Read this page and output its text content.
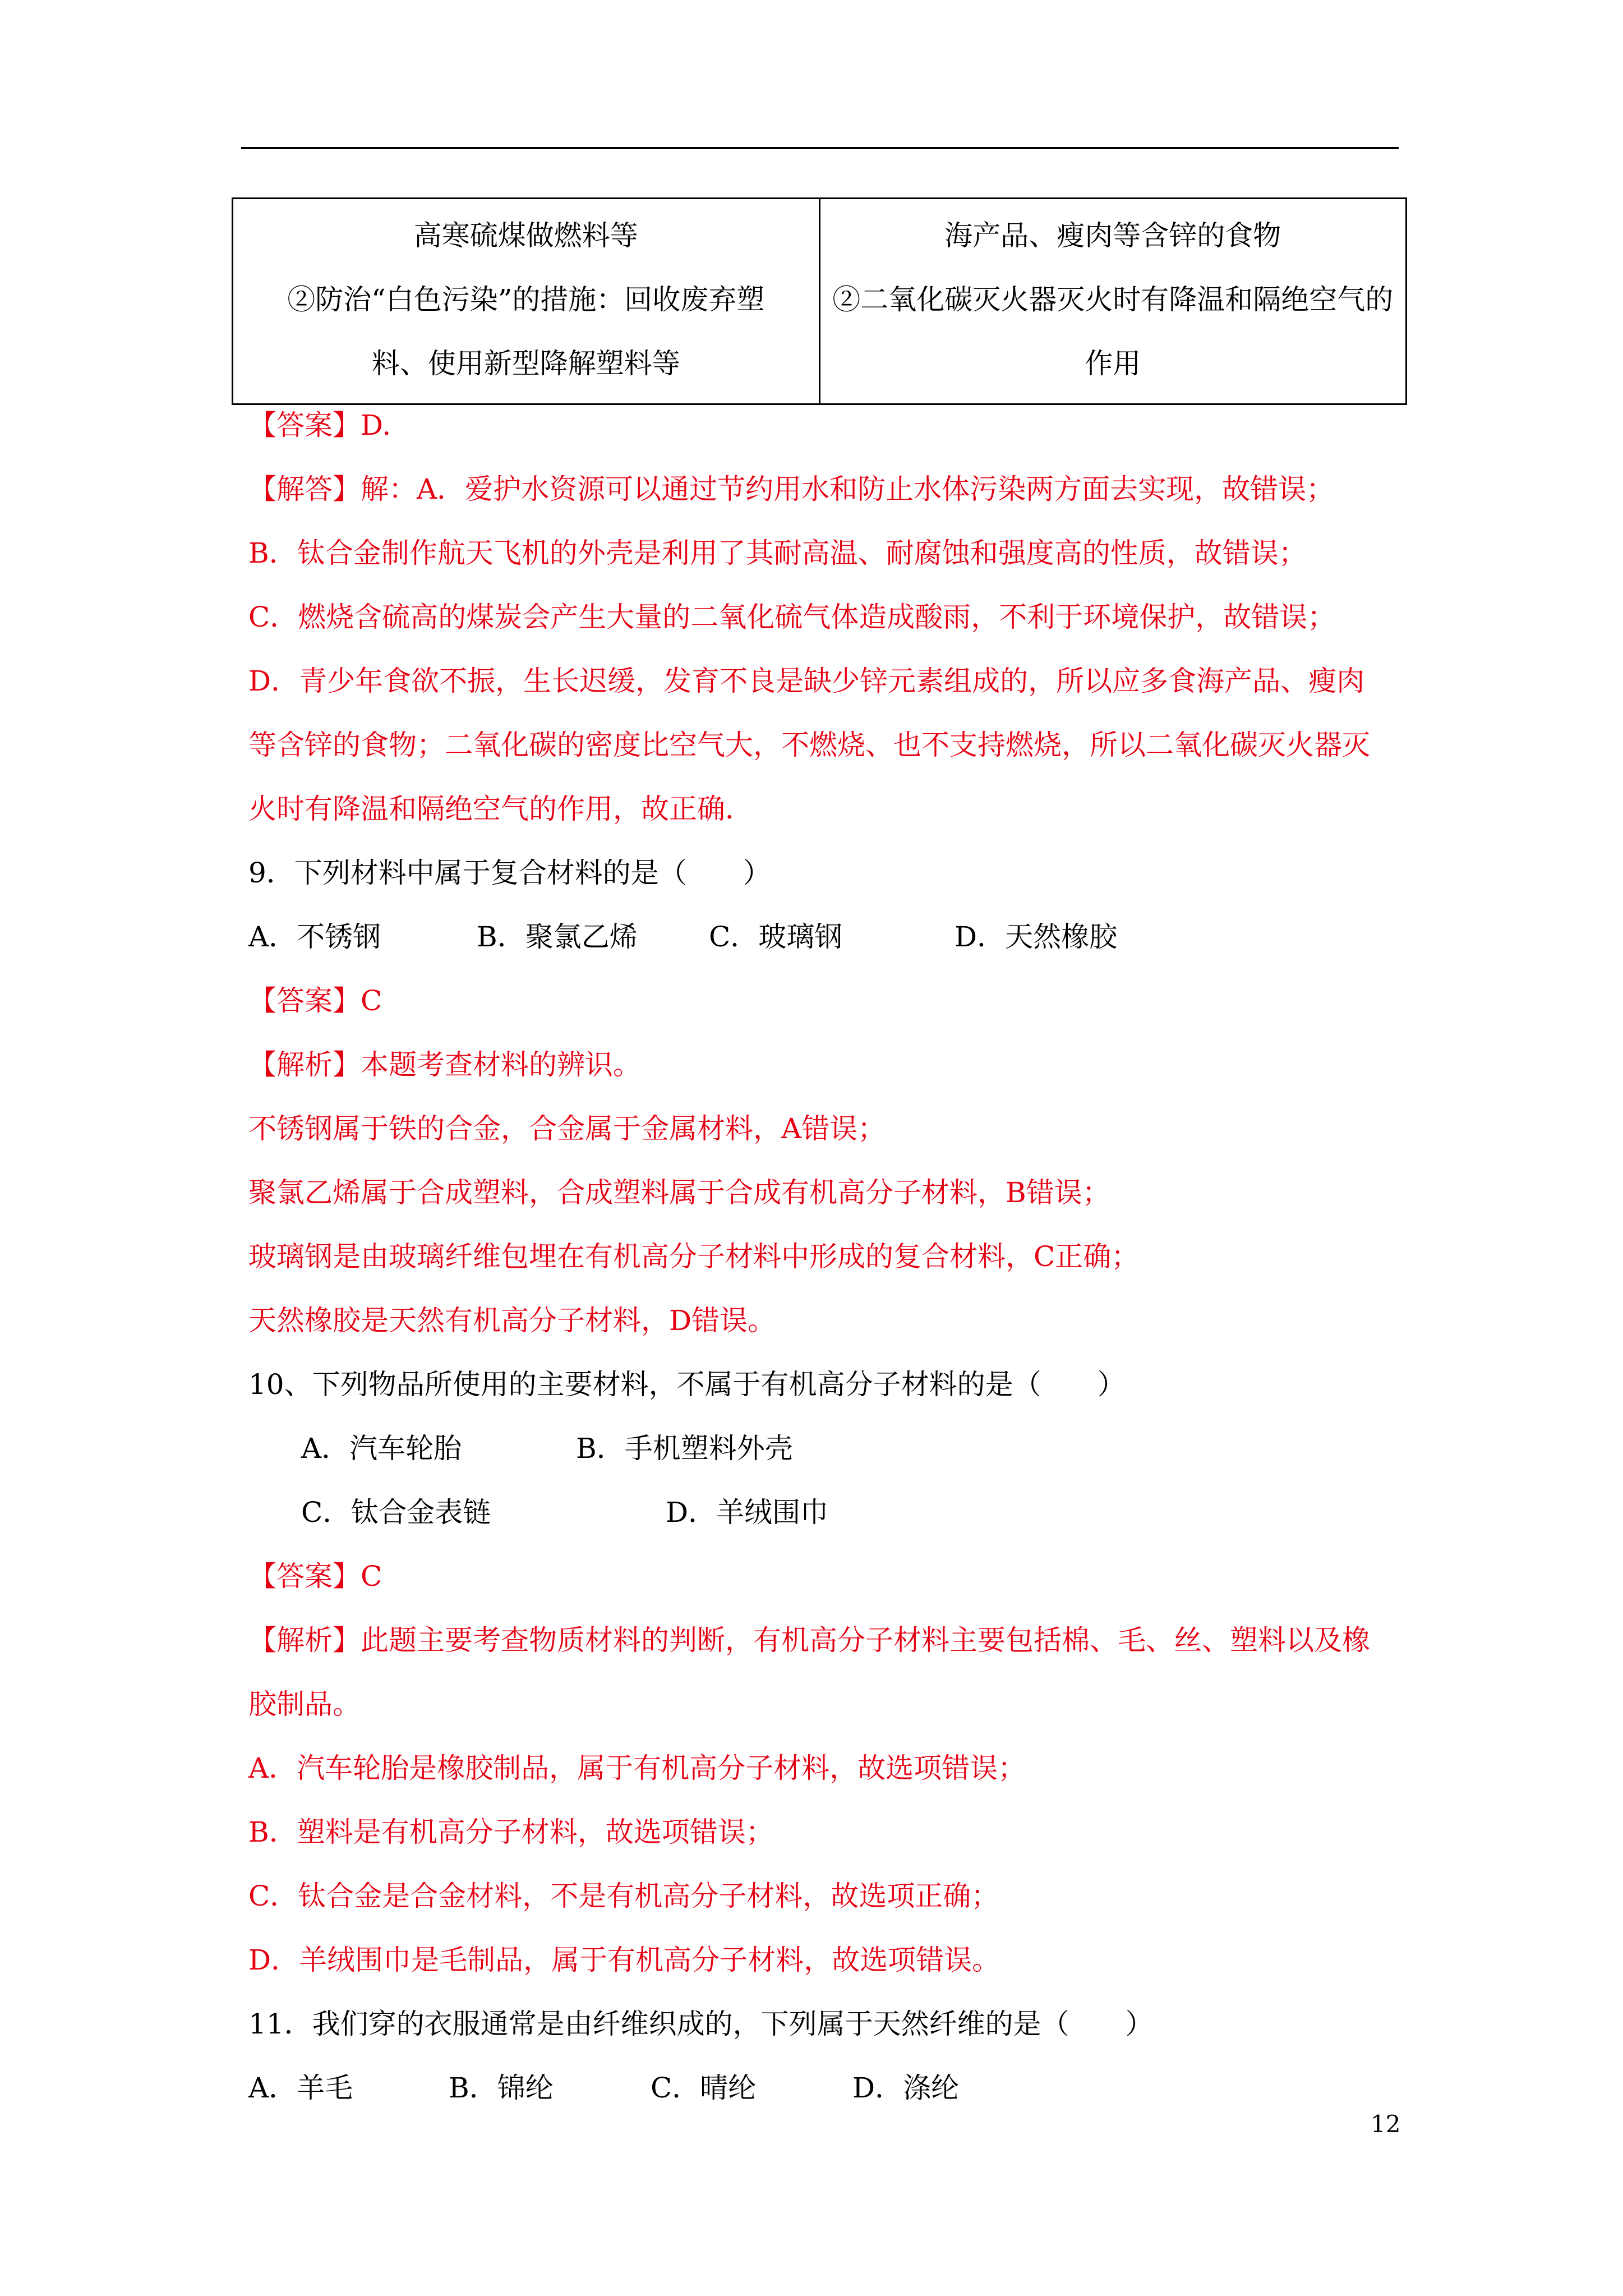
高寒硫煤做燃料等
②防治“白色污染”的措施：回收废弃塑
料、使用新型降解塑料等

海产品、瘦肉等含锌的食物
②二氧化碳灭火器灭火时有降温和隔绝空气的
作用
【答案】D.
【解答】解：A．爱护水资源可以通过节约用水和防止水体污染两方面去实现，故错误；
B．钛合金制作航天飞机的外壳是利用了其耐高温、耐腐蚀和强度高的性质，故错误；
C．燃烧含硫高的煤炭会产生大量的二氧化硫气体造成酸雨，不利于环境保护，故错误；
D．青少年食欲不振，生长迟缓，发育不良是缺少锌元素组成的，所以应多食海产品、瘦肉
等含锌的食物；二氧化碳的密度比空气大，不燃烧、也不支持燃烧，所以二氧化碳灭火器灭
火时有降温和隔绝空气的作用，故正确．
9．下列材料中属于复合材料的是（　　）
A．不锈钢	B．聚氯乙烯	C．玻璃钢	D．天然橡胶
【答案】C
【解析】本题考查材料的辨识。
不锈钢属于铁的合金，合金属于金属材料，A错误；
聚氯乙烯属于合成塑料，合成塑料属于合成有机高分子材料，B错误；
玻璃钢是由玻璃纤维包埋在有机高分子材料中形成的复合材料，C正确；
天然橡胶是天然有机高分子材料，D错误。
10、下列物品所使用的主要材料，不属于有机高分子材料的是（　　）
A．汽车轮胎	B．手机塑料外壳
C．钛合金表链	D．羊绒围巾
【答案】C
【解析】此题主要考查物质材料的判断，有机高分子材料主要包括棉、毛、丝、塑料以及橡
胶制品。
A．汽车轮胎是橡胶制品，属于有机高分子材料，故选项错误；
B．塑料是有机高分子材料，故选项错误；
C．钛合金是合金材料，不是有机高分子材料，故选项正确；
D．羊绒围巾是毛制品，属于有机高分子材料，故选项错误。
11．我们穿的衣服通常是由纤维织成的，下列属于天然纤维的是（　　）
A．羊毛	B．锦纶	C．晴纶	D．涤纶
12
